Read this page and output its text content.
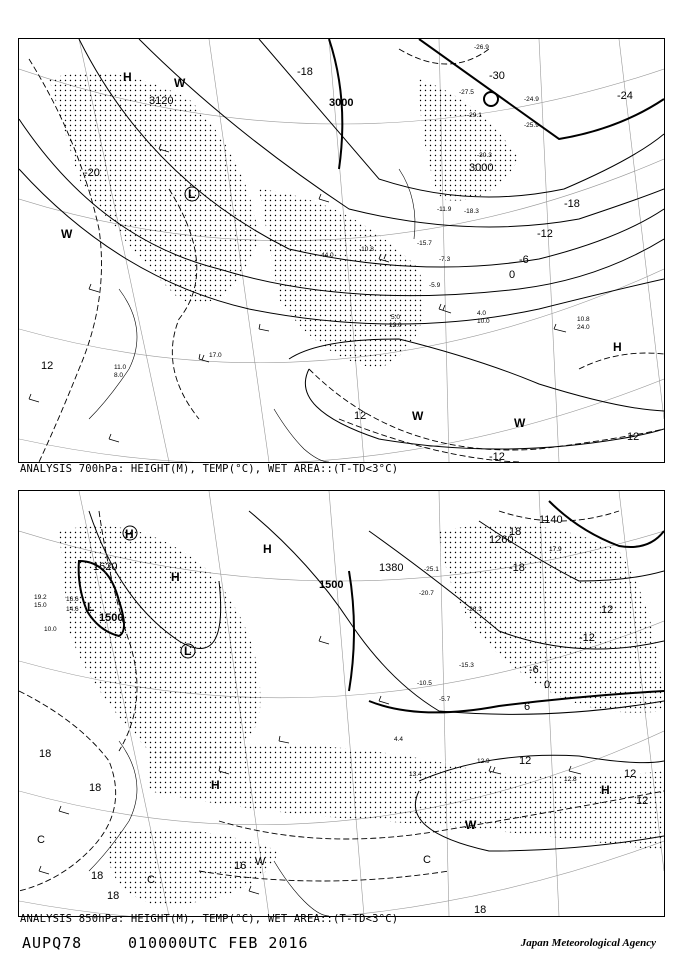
3120	3000
3000
-18	-30
-24
-18
-12
-6
0
12
12
-12
12
-20
H	W
L
W
H
W	W
-26.9
-27.5
-29.1
-24.9
-25.9
-30.3
-18.3
-15.7
-11.9
-7.3
-10.8
-5.9
4.0
5.0	10.8
24.0
11.0
8.0
12.0
44.0
10.0
17.0
ANALYSIS 700hPa: HEIGHT(M), TEMP(°C), WET AREA::(T-TD<3°C)
1620
1500
1500
1380
1260
1140
18
18
18
18
18
16
12
6
12
12
12
0
-6
-12
-18
18
H
H
L
L
H
H	H
C
C
C
W
W
-25.1
-26.3
-20.7
-15.3
-10.5
-5.7
4.4
13.4
12.9
12.8
17.9
14.6
16.6
19.2
15.0
10.0
ANALYSIS 850hPa: HEIGHT(M), TEMP(°C), WET AREA::(T-TD<3°C)
AUPQ78	010000UTC FEB 2016	Japan Meteorological Agency
